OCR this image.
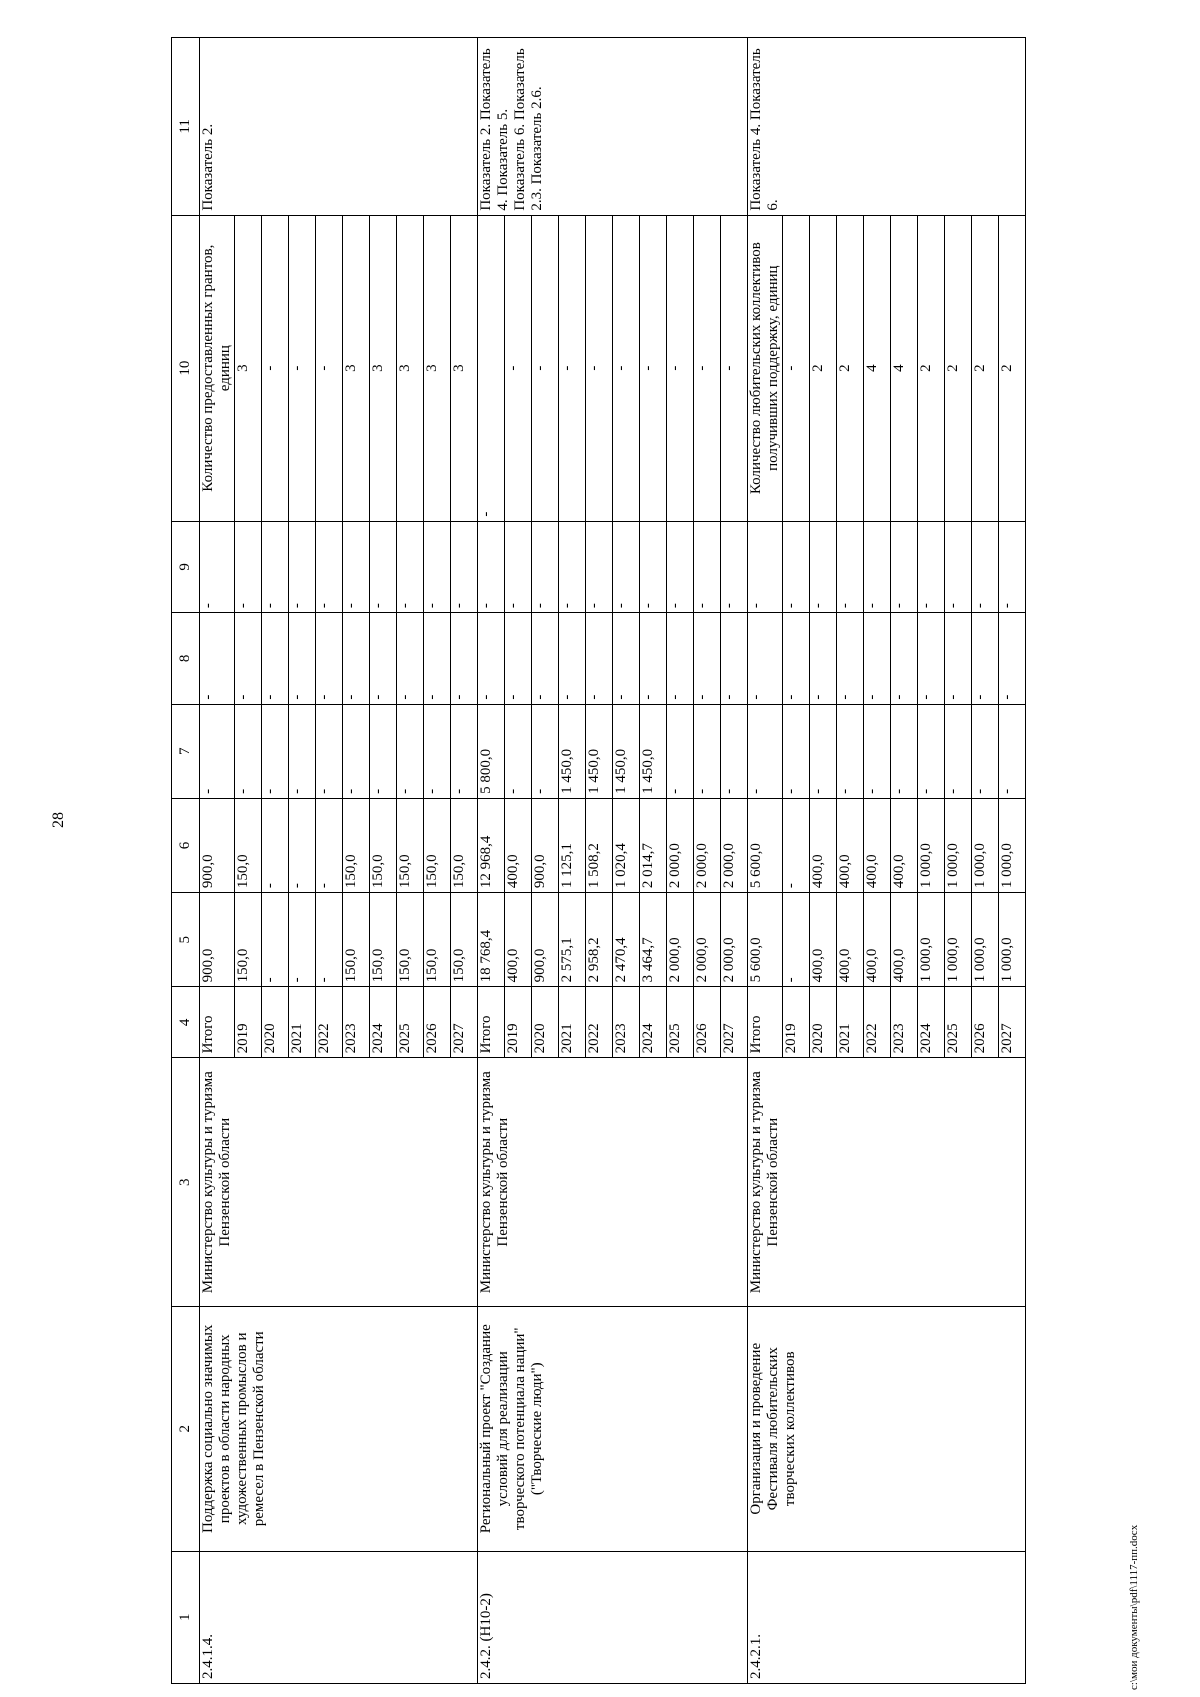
28
1	2	3	4	5	6	7	8	9	10	11
2.4.1.4.	Поддержка социально значимых проектов в области народных художественных промыслов и ремесел в Пензенской области	Министерство культуры и туризма Пензенской области	Итого	900,0	900,0	-	-	-	Количество предоставленных грантов, единиц	Показатель 2.
			2019	150,0	150,0	-	-	-	3	
			2020	-	-	-	-	-	-	
			2021	-	-	-	-	-	-	
			2022	-	-	-	-	-	-	
			2023	150,0	150,0	-	-	-	3	
			2024	150,0	150,0	-	-	-	3	
			2025	150,0	150,0	-	-	-	3	
			2026	150,0	150,0	-	-	-	3	
			2027	150,0	150,0	-	-	-	3	
2.4.2. (Н10-2)	Региональный проект "Создание условий для реализации творческого потенциала нации" ("Творческие люди")	Министерство культуры и туризма Пензенской области	Итого	18 768,4	12 968,4	5 800,0	-	-	-	Показатель 2. Показатель 4. Показатель 5. Показатель 6. Показатель 2.3. Показатель 2.6.
			2019	400,0	400,0	-	-	-	-	
			2020	900,0	900,0	-	-	-	-	
			2021	2 575,1	1 125,1	1 450,0	-	-	-	
			2022	2 958,2	1 508,2	1 450,0	-	-	-	
			2023	2 470,4	1 020,4	1 450,0	-	-	-	
			2024	3 464,7	2 014,7	1 450,0	-	-	-	
			2025	2 000,0	2 000,0	-	-	-	-	
			2026	2 000,0	2 000,0	-	-	-	-	
			2027	2 000,0	2 000,0	-	-	-	-	
2.4.2.1.	Организация и проведение Фестиваля любительских творческих коллективов	Министерство культуры и туризма Пензенской области	Итого	5 600,0	5 600,0	-	-	-	Количество любительских коллективов получивших поддержку, единиц	Показатель 4. Показатель 6.
			2019	-	-	-	-	-	-	
			2020	400,0	400,0	-	-	-	2	
			2021	400,0	400,0	-	-	-	2	
			2022	400,0	400,0	-	-	-	4	
			2023	400,0	400,0	-	-	-	4	
			2024	1 000,0	1 000,0	-	-	-	2	
			2025	1 000,0	1 000,0	-	-	-	2	
			2026	1 000,0	1 000,0	-	-	-	2	
			2027	1 000,0	1 000,0	-	-	-	2	
c:\мои документы\pdf\1117-пп.docx
